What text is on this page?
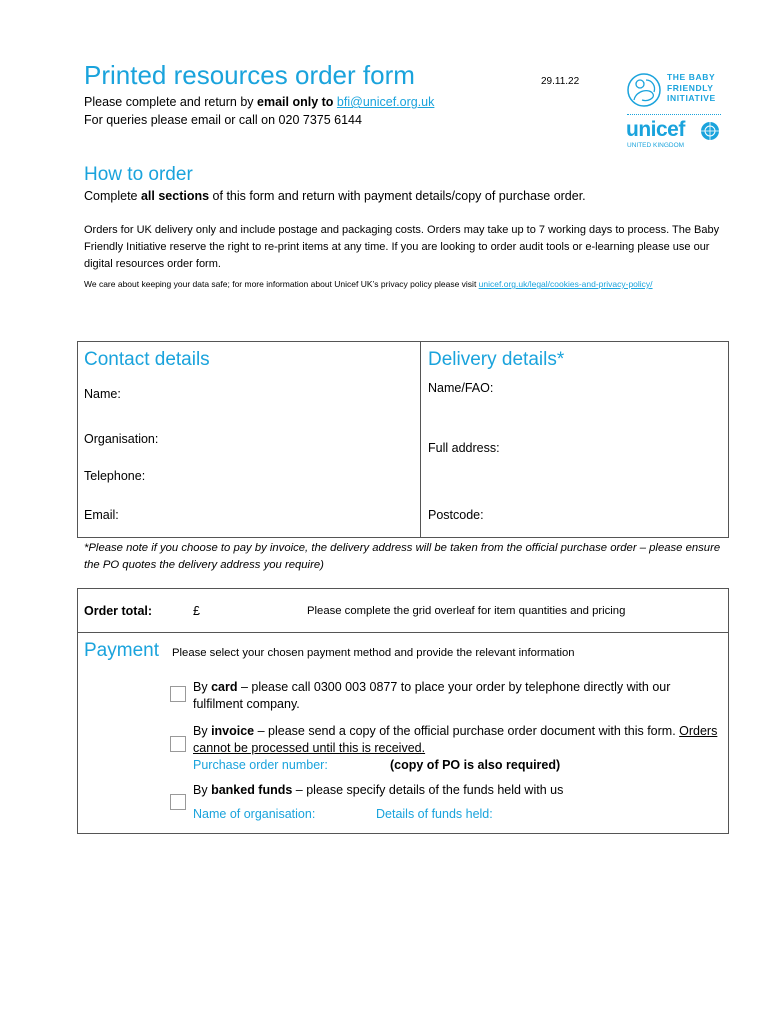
Printed resources order form	29.11.22
Please complete and return by email only to bfi@unicef.org.uk
For queries please email or call on 020 7375 6144
THE BABY
FRIENDLY
INITIATIVE
unicef
UNITED KINGDOM
How to order
Complete all sections of this form and return with payment details/copy of purchase order.
Orders for UK delivery only and include postage and packaging costs. Orders may take up to 7 working days to process. The Baby Friendly Initiative reserve the right to re-print items at any time. If you are looking to order audit tools or e-learning please use our digital resources order form.
We care about keeping your data safe; for more information about Unicef UK’s privacy policy please visit unicef.org.uk/legal/cookies-and-privacy-policy/
Contact details
Name:
Organisation:
Telephone:
Email:
Delivery details*
Name/FAO:
Full address:
Postcode:
*Please note if you choose to pay by invoice, the delivery address will be taken from the official purchase order – please ensure the PO quotes the delivery address you require)
Order total:	£	Please complete the grid overleaf for item quantities and pricing
Payment Please select your chosen payment method and provide the relevant information
By card – please call 0300 003 0877 to place your order by telephone directly with our fulfilment company.
By invoice – please send a copy of the official purchase order document with this form. Orders cannot be processed until this is received.
Purchase order number:	(copy of PO is also required)
By banked funds – please specify details of the funds held with us
Name of organisation:	Details of funds held:
